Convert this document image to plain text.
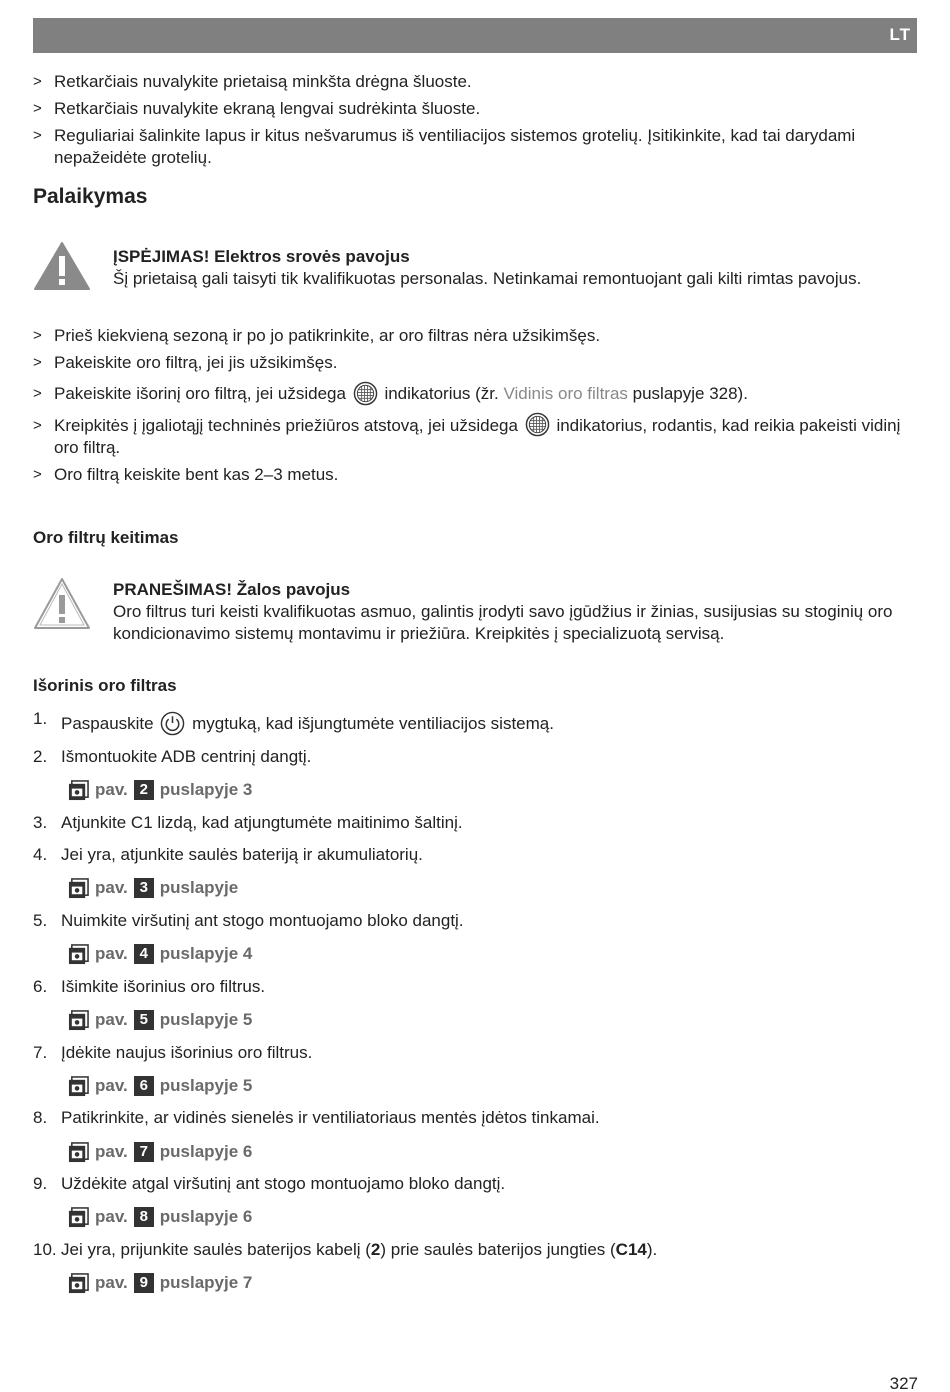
LT
> Retkarčiais nuvalykite prietaisą minkšta drėgna šluoste.
> Retkarčiais nuvalykite ekraną lengvai sudrėkinta šluoste.
> Reguliariai šalinkite lapus ir kitus nešvarumus iš ventiliacijos sistemos grotelių. Įsitikinkite, kad tai darydami nepažeidėte grotelių.
Palaikymas
ĮSPĖJIMAS! Elektros srovės pavojus
Šį prietaisą gali taisyti tik kvalifikuotas personalas. Netinkamai remontuojant gali kilti rimtas pavojus.
> Prieš kiekvieną sezoną ir po jo patikrinkite, ar oro filtras nėra užsikimšęs.
> Pakeiskite oro filtrą, jei jis užsikimšęs.
> Pakeiskite išorinį oro filtrą, jei užsidega indikatorius (žr. Vidinis oro filtras puslapyje 328).
> Kreipkitės į įgaliotąjį techninės priežiūros atstovą, jei užsidega indikatorius, rodantis, kad reikia pakeisti vidinį oro filtrą.
> Oro filtrą keiskite bent kas 2–3 metus.
Oro filtrų keitimas
PRANEŠIMAS! Žalos pavojus
Oro filtrus turi keisti kvalifikuotas asmuo, galintis įrodyti savo įgūdžius ir žinias, susijusias su stoginių oro kondicionavimo sistemų montavimu ir priežiūra. Kreipkitės į specializuotą servisą.
Išorinis oro filtras
1. Paspauskite mygtuką, kad išjungtumėte ventiliacijos sistemą.
2. Išmontuokite ADB centrinį dangtį.
3. Atjunkite C1 lizdą, kad atjungtumėte maitinimo šaltinį.
4. Jei yra, atjunkite saulės bateriją ir akumuliatorių.
5. Nuimkite viršutinį ant stogo montuojamo bloko dangtį.
6. Išimkite išorinius oro filtrus.
7. Įdėkite naujus išorinius oro filtrus.
8. Patikrinkite, ar vidinės sienelės ir ventiliatoriaus mentės įdėtos tinkamai.
9. Uždėkite atgal viršutinį ant stogo montuojamo bloko dangtį.
10. Jei yra, prijunkite saulės baterijos kabelį (2) prie saulės baterijos jungties (C14).
pav. 2 puslapyje 3
pav. 3 puslapyje
pav. 4 puslapyje 4
pav. 5 puslapyje 5
pav. 6 puslapyje 5
pav. 7 puslapyje 6
pav. 8 puslapyje 6
pav. 9 puslapyje 7
327
